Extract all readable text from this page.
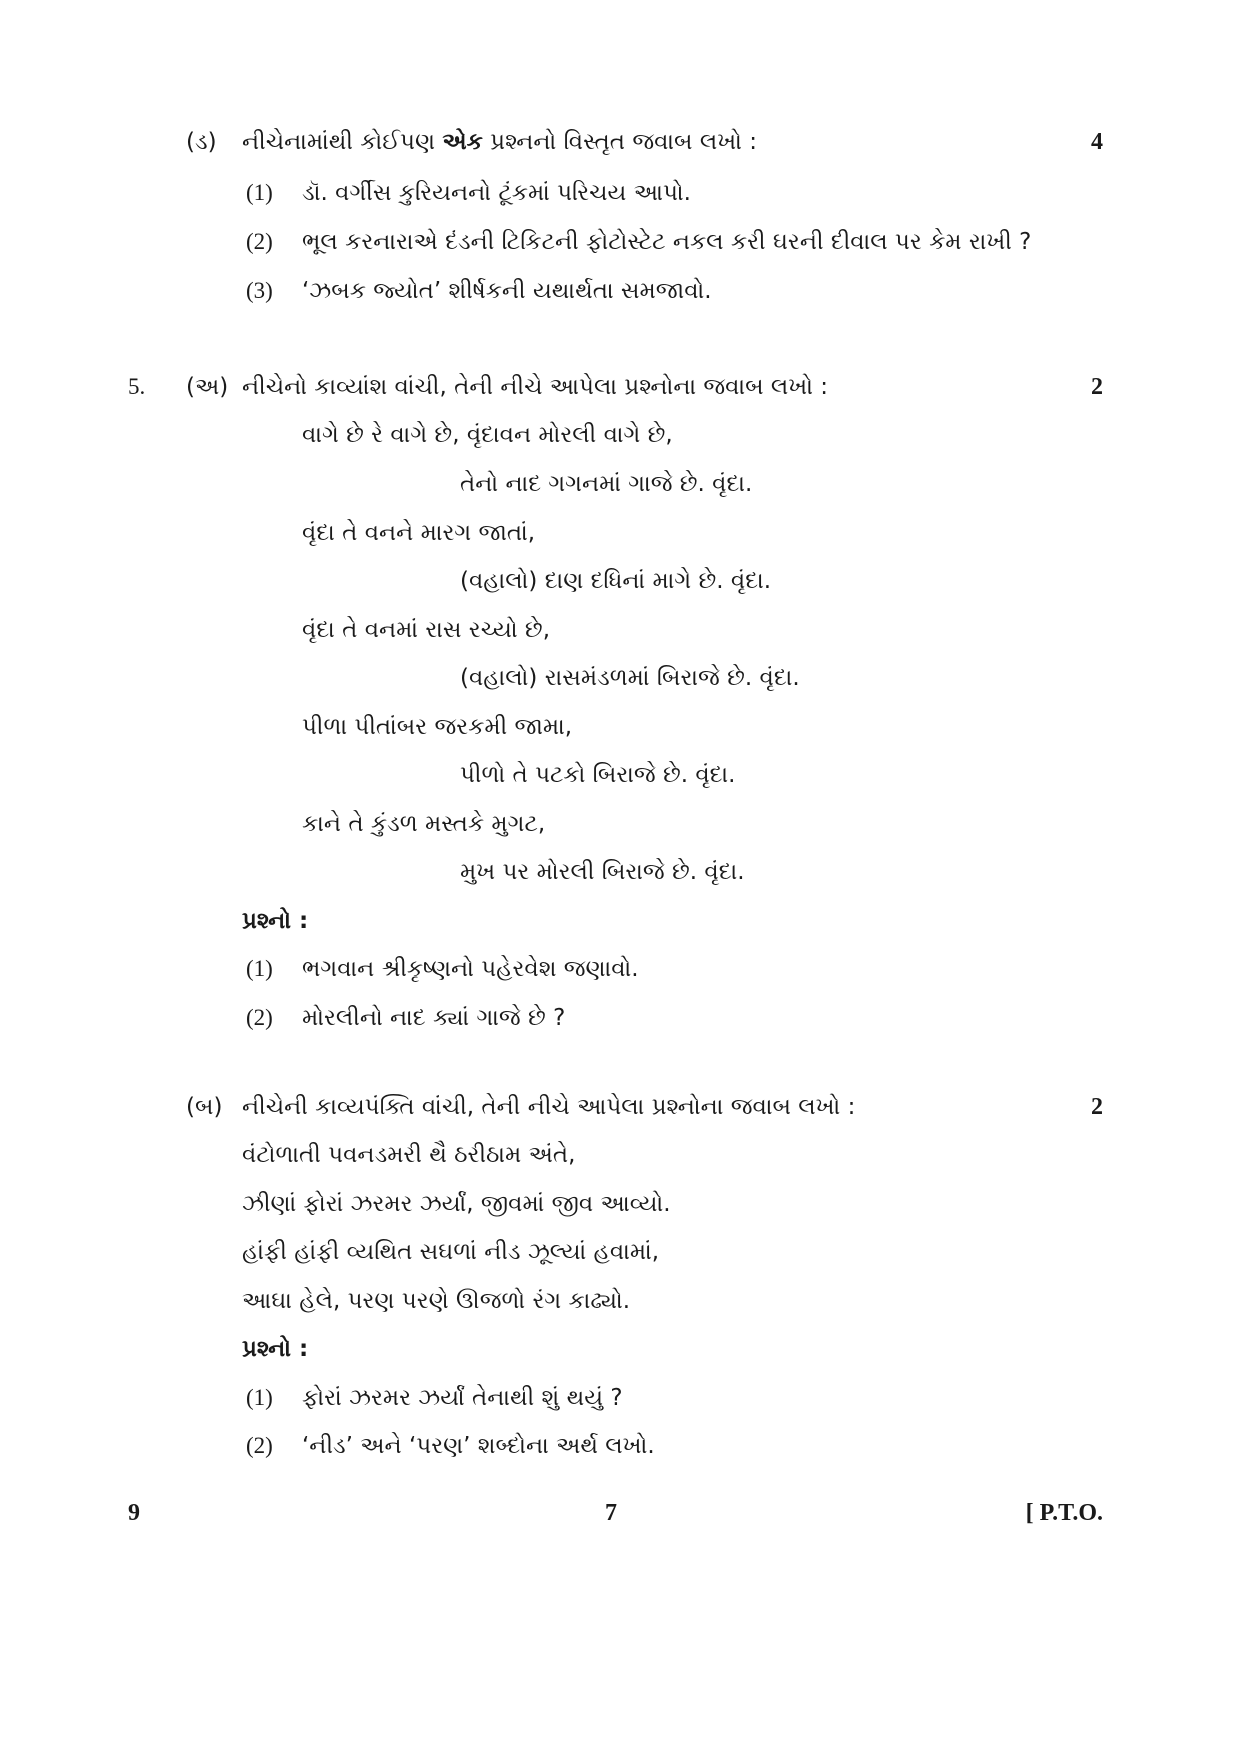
(ડ) નીચેનામાંથી કોઈપણ એક પ્રશ્નનો વિસ્તૃત જવાબ લખો :	4
(1) ડૉ. વર્ગીસ કુરિયનનો ટૂંકમાં પરિચય આપો.
(2) ભૂલ કરનારાએ દંડની ટિકિટની ફોટોસ્ટેટ નકલ કરી ઘરની દીવાલ પર કેમ રાખી ?
(3) ‘ઝબક જ્યોત’ શીર્ષકની યથાર્થતા સમજાવો.
5. (અ) નીચેનો કાવ્યાંશ વાંચી, તેની નીચે આપેલા પ્રશ્નોના જવાબ લખો :	2
વાગે છે રે વાગે છે, વૃંદાવન મોરલી વાગે છે,
તેનો નાદ ગગનમાં ગાજે છે. વૃંદા.
વૃંદા તે વનને મારગ જાતાં,
(વહાલો) દાણ દધિનાં માગે છે. વૃંદા.
વૃંદા તે વનમાં રાસ રચ્યો છે,
(વહાલો) રાસમંડળમાં બિરાજે છે. વૃંદા.
પીળા પીતાંબર જરકમી જામા,
પીળો તે પટકો બિરાજે છે. વૃંદા.
કાને તે કુંડળ મસ્તકે મુગટ,
મુખ પર મોરલી બિરાજે છે. વૃંદા.
પ્રશ્નો :
(1) ભગવાન શ્રીકૃષ્ણનો પહેરવેશ જણાવો.
(2) મોરલીનો નાદ ક્યાં ગાજે છે ?
(બ) નીચેની કાવ્યપંક્તિ વાંચી, તેની નીચે આપેલા પ્રશ્નોના જવાબ લખો :	2
વંટોળાતી પવનડમરી થૈ ઠરીઠામ અંતે,
ઝીણાં ફોરાં ઝરમર ઝર્યાં, જીવમાં જીવ આવ્યો.
હાંફી હાંફી વ્યથિત સઘળાં નીડ ઝૂલ્યાં હવામાં,
આઘા હેલે, પરણ પરણે ઊજળો રંગ કાઢ્યો.
પ્રશ્નો :
(1) ફોરાં ઝરમર ઝર્યાં તેનાથી શું થયું ?
(2) ‘નીડ’ અને ‘પરણ’ શબ્દોના અર્થ લખો.
9	7	[ P.T.O.
